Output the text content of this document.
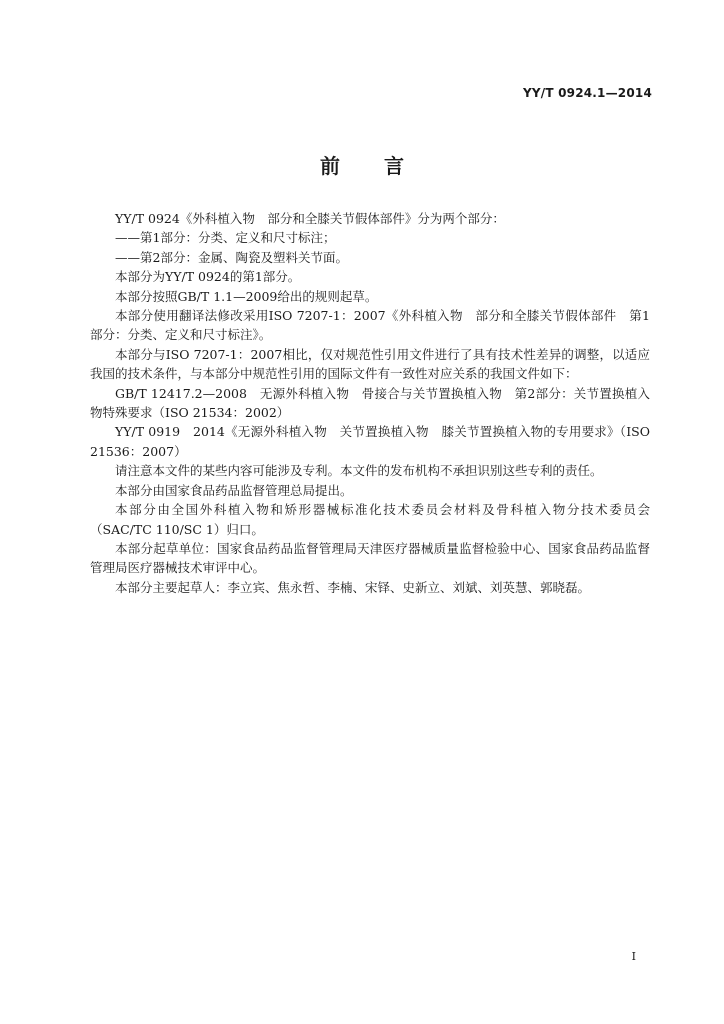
YY/T 0924.1—2014

前言

YY/T 0924《外科植入物　部分和全膝关节假体部件》分为两个部分：

——第1部分：分类、定义和尺寸标注；

——第2部分：金属、陶瓷及塑料关节面。

本部分为YY/T 0924的第1部分。

本部分按照GB/T 1.1—2009给出的规则起草。

本部分使用翻译法修改采用ISO 7207-1：2007《外科植入物　部分和全膝关节假体部件　第1部分：分类、定义和尺寸标注》。

本部分与ISO 7207-1：2007相比，仅对规范性引用文件进行了具有技术性差异的调整，以适应我国的技术条件，与本部分中规范性引用的国际文件有一致性对应关系的我国文件如下：

GB/T 12417.2—2008　无源外科植入物　骨接合与关节置换植入物　第2部分：关节置换植入物特殊要求（ISO 21534：2002）

YY/T 0919　2014《无源外科植入物　关节置换植入物　膝关节置换植入物的专用要求》（ISO 21536：2007）

请注意本文件的某些内容可能涉及专利。本文件的发布机构不承担识别这些专利的责任。

本部分由国家食品药品监督管理总局提出。

本部分由全国外科植入物和矫形器械标准化技术委员会材料及骨科植入物分技术委员会（SAC/TC 110/SC 1）归口。

本部分起草单位：国家食品药品监督管理局天津医疗器械质量监督检验中心、国家食品药品监督管理局医疗器械技术审评中心。

本部分主要起草人：李立宾、焦永哲、李楠、宋铎、史新立、刘斌、刘英慧、郭晓磊。

I
